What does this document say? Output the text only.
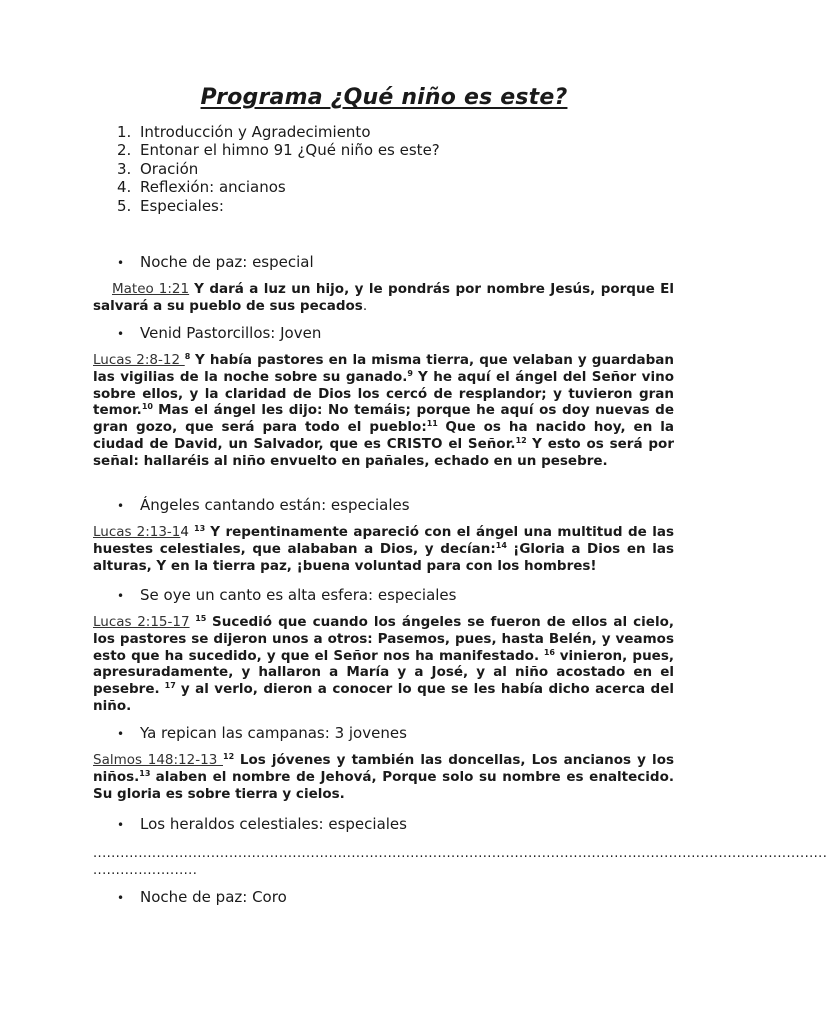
Programa ¿Qué niño es este?
1. Introducción y Agradecimiento
2. Entonar el himno 91 ¿Qué niño es este?
3. Oración
4. Reflexión: ancianos
5. Especiales:
•	Noche de paz: especial
Mateo 1:21 Y dará a luz un hijo, y le pondrás por nombre Jesús, porque El salvará a su pueblo de sus pecados.
•	Venid Pastorcillos: Joven
Lucas 2:8-12 $^8$ Y había pastores en la misma tierra, que velaban y guardaban las vigilias de la noche sobre su ganado.$^9$ Y he aquí el ángel del Señor vino sobre ellos, y la claridad de Dios los cercó de resplandor; y tuvieron gran temor.$^{10}$ Mas el ángel les dijo: No temáis; porque he aquí os doy nuevas de gran gozo, que será para todo el pueblo:$^{11}$ Que os ha nacido hoy, en la ciudad de David, un Salvador, que es CRISTO el Señor.$^{12}$ Y esto os será por señal: hallaréis al niño envuelto en pañales, echado en un pesebre.
•	Ángeles cantando están: especiales
Lucas 2:13-14 $^{13}$ Y repentinamente apareció con el ángel una multitud de las huestes celestiales, que alababan a Dios, y decían:$^{14}$ ¡Gloria a Dios en las alturas, Y en la tierra paz, ¡buena voluntad para con los hombres!
•	Se oye un canto es alta esfera: especiales
Lucas 2:15-17 $^{15}$ Sucedió que cuando los ángeles se fueron de ellos al cielo, los pastores se dijeron unos a otros: Pasemos, pues, hasta Belén, y veamos esto que ha sucedido, y que el Señor nos ha manifestado. $^{16}$ vinieron, pues, apresuradamente, y hallaron a María y a José, y al niño acostado en el pesebre. $^{17}$ y al verlo, dieron a conocer lo que se les había dicho acerca del niño.
•	Ya repican las campanas: 3 jovenes
Salmos 148:12-13 $^{12}$ Los jóvenes y también las doncellas, Los ancianos y los niños.$^{13}$ alaben el nombre de Jehová, Porque solo su nombre es enaltecido. Su gloria es sobre tierra y cielos.
•	Los heraldos celestiales: especiales
..................................................................................................................................................................
.......................
•	Noche de paz: Coro
